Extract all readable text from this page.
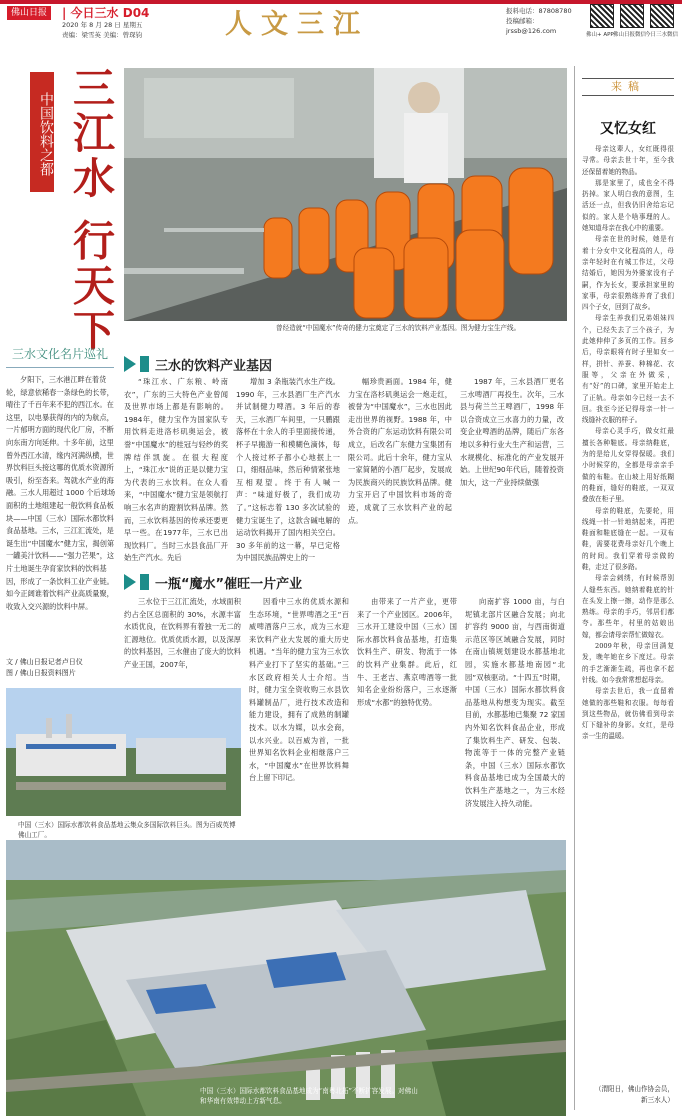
佛山日报	| 今日三水 D04
2020 年 8 月 28 日 星期五
责编：梁雪英 美编：曾琛钧	人文三江	报料电话：87808780
投稿邮箱：
jrssb@126.com	佛山+ APP 佛山日报微信
今日三水微信
中国饮料之都 三江水 行天下
三水文化名片巡礼
夕阳下，三水港江畔在着货轮，绿意依稀春一条绿色的长带，晴往了千百年来不犯的西江水。在这里，以电暴获得的内的为航点，一片郁明方面的现代化厂房，不断向东南方向延伸。十多年前，这里曾外西江水清，缘内河满纵横，世界饮料巨头接这哪的优质水资源所吸引，纷至沓来。驾就水产业的海融。三水人用超过 1000 个后球场面积的土地组建起一般饮料食品板块——中国（三水）国际水都饮料食品基地。三水，三江汇流处，是诞生出“中国魔水”健力宝，揭创第一罐美汁饮料——“强力芒果”，这片土地诞生孕育家饮料的饮料基因，形成了一条饮料工业产业链。如今正阔谁着饮料产业高质量聚，收致入交兴源的饮料中屏。
文 / 佛山日报记者卢日仪
图 / 佛山日报资料图片
曾经造就“中国魔水”传奇的健力宝奠定了三水的饮料产业基因。图为健力宝生产线。
三水的饮料产业基因

“珠江水、广东粮、岭南衣”，广东的三大特色产业曾闻及世界市场上都是有影响的。1984年，健力宝作为国家队专用饮料走进洛杉矶奥运会，被誉“中国魔水”的桂冠与轻纱的奖牌结伴凯旋。在很大程度上，“珠江水”说的正是以健力宝为代表的三水饮料。在众人看来，“中国魔水”健力宝是领航打响三水名声的蹬割饮料品牌。然而，三水饮料基因的传承还要更早一些。在1977年，三水已出现饮料厂。当时三水县食品厂开始生产汽水。先后

增加 3 条瓶装汽水生产线。1990 年，三水县酒厂生产汽水并试制健力啤酒。3 年后的春天，三水酒厂车间里，一只鹏跟落杯在十余人的手里面接传递，杯子早搬游一和模糊色滴体，每个人接过杯子都小心地抿上一口，细细品味，然后种情紧张地互相观望。终于有人喊一声：“味道好极了，我们成功了。”这标志着 130 多次试验的健力宝诞生了，这款含碱电解的运动饮料揭开了国内相关空白。30 多年前的这一幕，早已定格为中国民族品牌史上的一

幅珍贵画面。1984 年，健力宝在洛杉矶奥运会一炮走红，被誉为“中国魔水”，三水也因此走出世界的视野。1988 年，中外合资的广东运动饮料有限公司成立，后改名广东健力宝集团有限公司。此后十余年，健力宝从一家简陋的小酒厂起步，发展成为民族商兴的民族饮料品牌。健力宝开启了中国饮料市场的奇迹，成就了三水饮料产业的起点。

1987 年，三水县酒厂更名三水啤酒厂再投生。次年，三水县与荷兰兰王啤酒厂，1998 年以合资成立三水喜力的力量，改变企业啤酒的品牌，随后广东各地以多种行业大生产和运营，三水规模化、标准化的产业发展开始。上世纪90年代后，随着投资加大，这一产业持续做强

一瓶“魔水”催旺一片产业

三水位于三江汇流处，水域面积约占全区总面积的 30%，水源丰富水质优良，在饮料界有着独一无二的汇源地位。优质优质水源，以及深厚的饮料基因，三水催由了庞大的饮料产业王国，2007年，

因看中三水的优质水源和生态环境，“世界啤酒之王”百威啤酒落户三水，成为三水迎来饮料产业大发展的重大历史机遇。“当年的健力宝为三水饮料产业打下了坚实的基础。”三水区政府相关人士介绍。当时，健力宝全资收购三水县饮料罐制品厂，进行技术改造和能力建设，拥有了成熟的制罐技术。以水为媒，以水会商，以水兴业。以百威为首，一批世界知名饮料企业相继落户三水，“中国魔水”在世界饮料舞台上留下印记。

由带来了一片产业，更带来了一个产业园区。2006年，三水开工建设中国（三水）国际水都饮料食品基地，打造集饮料生产、研发、物流于一体的饮料产业集群。此后，红牛、王老吉、燕京啤酒等一批知名企业纷纷落户，三水逐渐形成“水都”的独特优势。

向南扩容 1000 亩，与白坭镇北部片区融合发展；向北扩容约 9000 亩，与西南街道示范区等区域融合发展，同时在南山镇规划建设水都基地北园，实施水都基地南园“北园”双核驱动。“十四五”时期，中国（三水）国际水都饮料食品基地从构想变为现实。截至目前，水都基地已集聚 72 家国内外知名饮料食品企业，形成了集饮料生产、研发、包装、物流等于一体的完整产业链条，中国（三水）国际水都饮料食品基地已成为全国最大的饮料生产基地之一，为三水经济发展注入持久动能。

中国（三水）国际水都饮料食品基地云集众多国际饮料巨头。图为百威英博佛山工厂。
中国（三水）国际水都饮料食品基地成为“南粤北拓”不断扩容发展。对佛山和华南有效带动上方新气息。
来稿
又忆女红

母亲这辈人，女红既得很寻常。母亲去世十年，至今我还保留着她的物品。

那是家里了，成也全不得扔掉。家人明白我的意图，生活还一点，但我仍旧舍给忘记似的。家人是个啥事理的人。她知道母亲在我心中的重要。

母亲在世的时候，她是有着十分女中文化程高的人，母亲年轻时在有城工作过，父母结婚后，她因为外婆家没有子嗣，作为长女，要承担家里的家事，母亲很熟练养育了我们四个子女，回到了故乡。

母亲生养我们兄弟姐妹四个，已经失去了三个孩子，为此她伸伸了多页的工作。回乡后，母亲眼将有时子里如女一样，拼针、养蚕、种棉花、衣服等，父亲在外做采，有“好”的口碑，家里开始走上了正轨。母亲如今已经一去不回。我至今还记得母亲一针一线缝补衣服的样子。

母亲心灵手巧，做女红最擅长各种鞋底。母亲纳鞋底，为的是给儿女穿得保暖。我们小时候穿的，全都是母亲亲手做的布鞋。在山坡上用好纸糊的鞋面，缝好的鞋底，一双双叠放在柜子里。

母亲的鞋底，先要轮，用线绳一针一针地纳起来，再把鞋面和鞋底缝在一起。一双布鞋，需要花费母亲好几个晚上的时间。我们穿着母亲做的鞋，走过了很多路。

母亲会刺绣，有时候帮别人缝些东西。她纳着鞋底的针在头发上擦一擦，动作是那么熟练。母亲的手巧，邻居们都夸。那些年，村里的姑娘出嫁，都会请母亲帮忙做嫁衣。

2009年秋，母亲回满复发，晚年她在乡下度过。母亲的手艺渐渐生疏，再也拿不起针线。如今我常常想起母亲。

母亲去世后，我一直留着她做的那些鞋和衣服。每每看到这些物品，就仿佛看到母亲灯下缝补的身影。女红，是母亲一生的温暖。

（渭阳日，佛山作协会员，
新三水人）
